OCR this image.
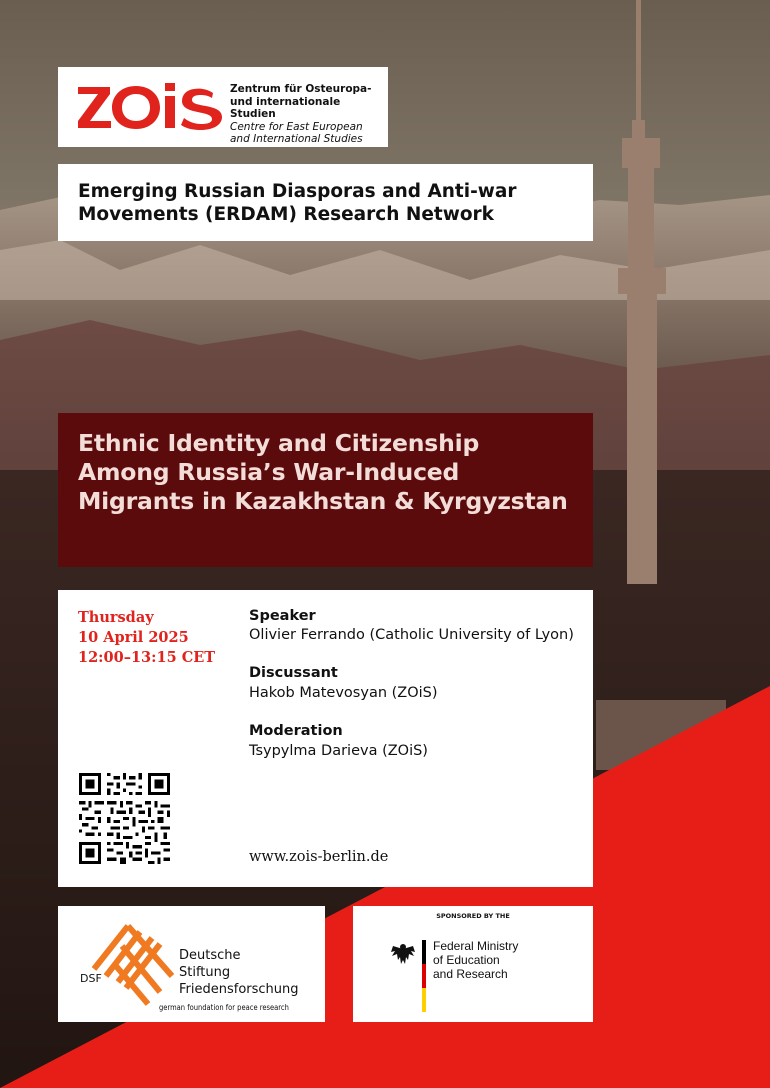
Zentrum für Osteuropa-
und internationale Studien
Centre for East European
and International Studies
Emerging Russian Diasporas and Anti-war
Movements (ERDAM) Research Network
Ethnic Identity and Citizenship
Among Russia’s War-Induced
Migrants in Kazakhstan & Kyrgyzstan
Thursday
10 April 2025
12:00–13:15 CET
Speaker
Olivier Ferrando (Catholic University of Lyon)
Discussant
Hakob Matevosyan (ZOiS)
Moderation
Tsypylma Darieva (ZOiS)
www.zois-berlin.de
DSF
Deutsche
Stiftung
Friedensforschung
german foundation for peace research
SPONSORED BY THE
Federal Ministry
of Education
and Research
